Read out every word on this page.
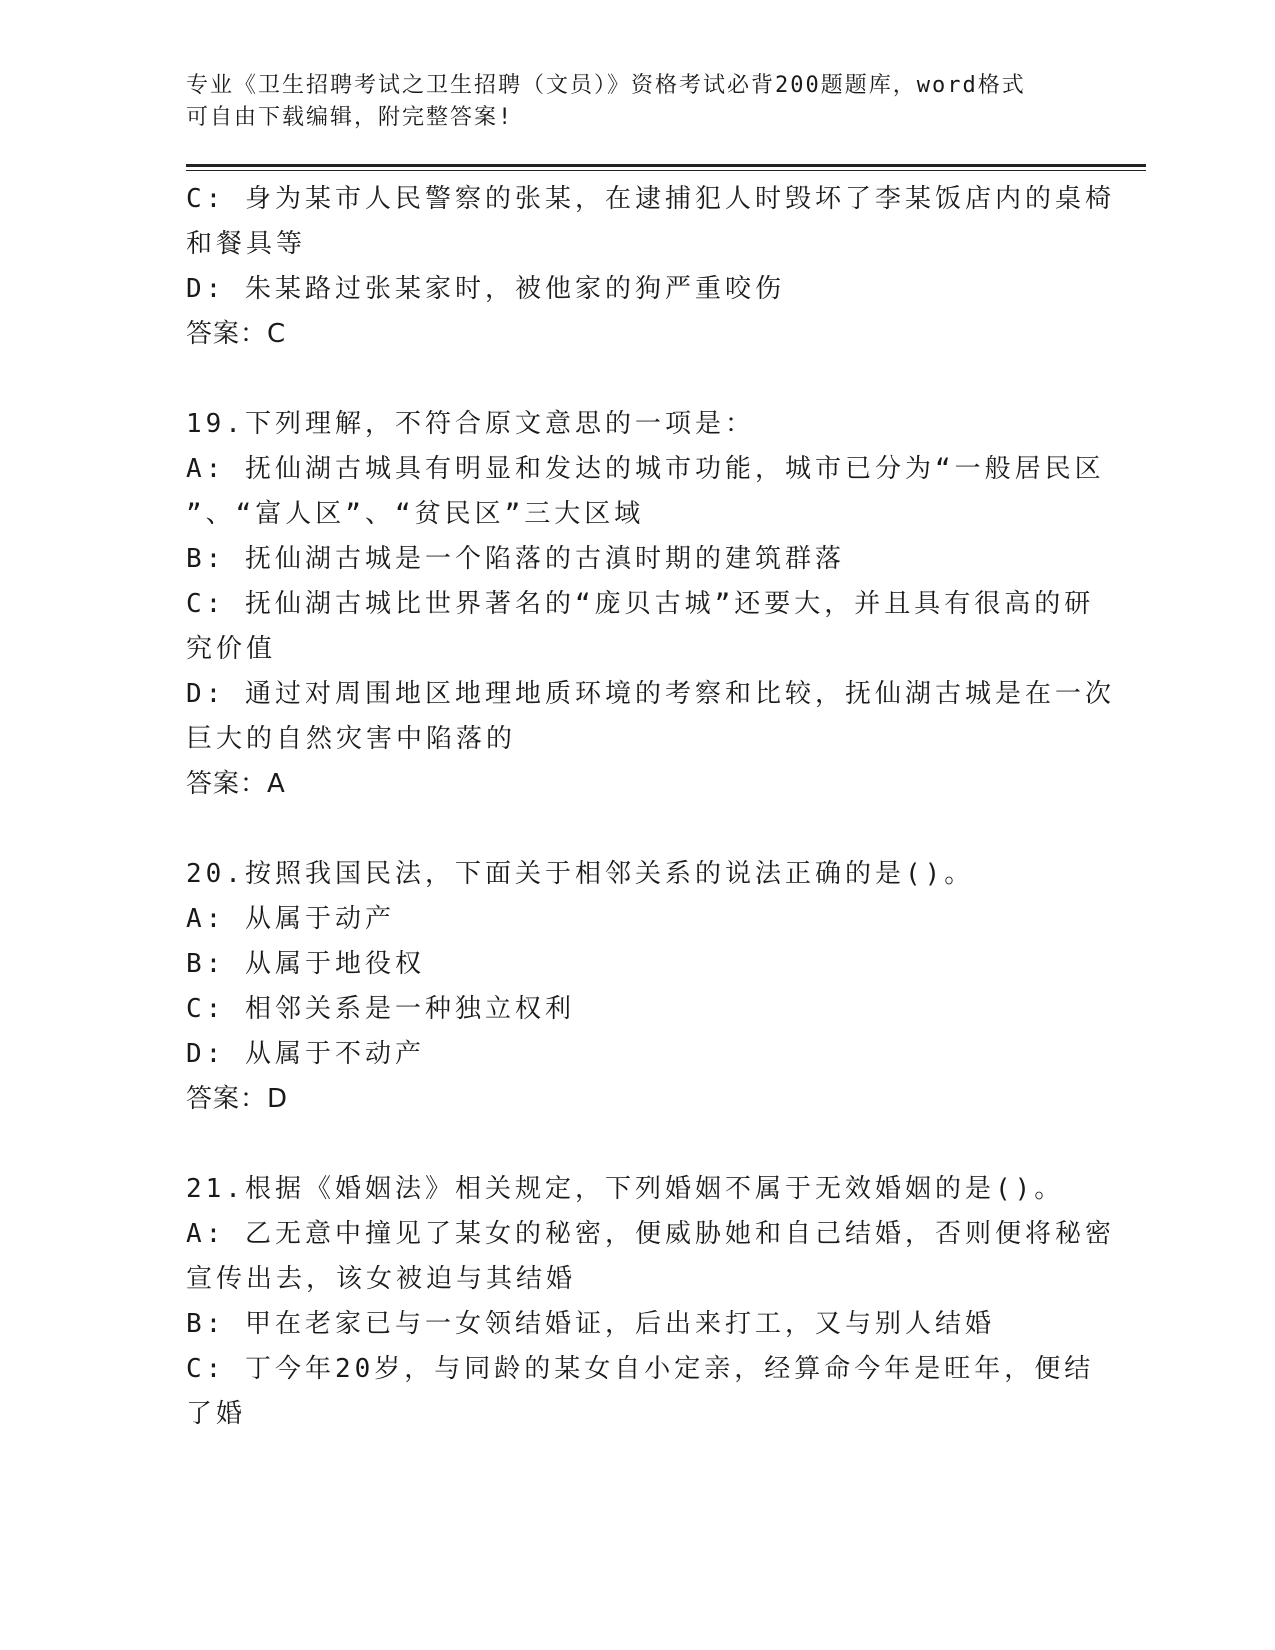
专业《卫生招聘考试之卫生招聘（文员）》资格考试必背200题题库，word格式
可自由下载编辑，附完整答案!
C: 身为某市人民警察的张某，在逮捕犯人时毁坏了李某饭店内的桌椅
和餐具等
D: 朱某路过张某家时，被他家的狗严重咬伤
答案：C
19.下列理解，不符合原文意思的一项是：
A: 抚仙湖古城具有明显和发达的城市功能，城市已分为“一般居民区
”、“富人区”、“贫民区”三大区域
B: 抚仙湖古城是一个陷落的古滇时期的建筑群落
C: 抚仙湖古城比世界著名的“庞贝古城”还要大，并且具有很高的研
究价值
D: 通过对周围地区地理地质环境的考察和比较，抚仙湖古城是在一次
巨大的自然灾害中陷落的
答案：A
20.按照我国民法，下面关于相邻关系的说法正确的是()。
A: 从属于动产
B: 从属于地役权
C: 相邻关系是一种独立权利
D: 从属于不动产
答案：D
21.根据《婚姻法》相关规定，下列婚姻不属于无效婚姻的是()。
A: 乙无意中撞见了某女的秘密，便威胁她和自己结婚，否则便将秘密
宣传出去，该女被迫与其结婚
B: 甲在老家已与一女领结婚证，后出来打工，又与别人结婚
C: 丁今年20岁，与同龄的某女自小定亲，经算命今年是旺年，便结
了婚
